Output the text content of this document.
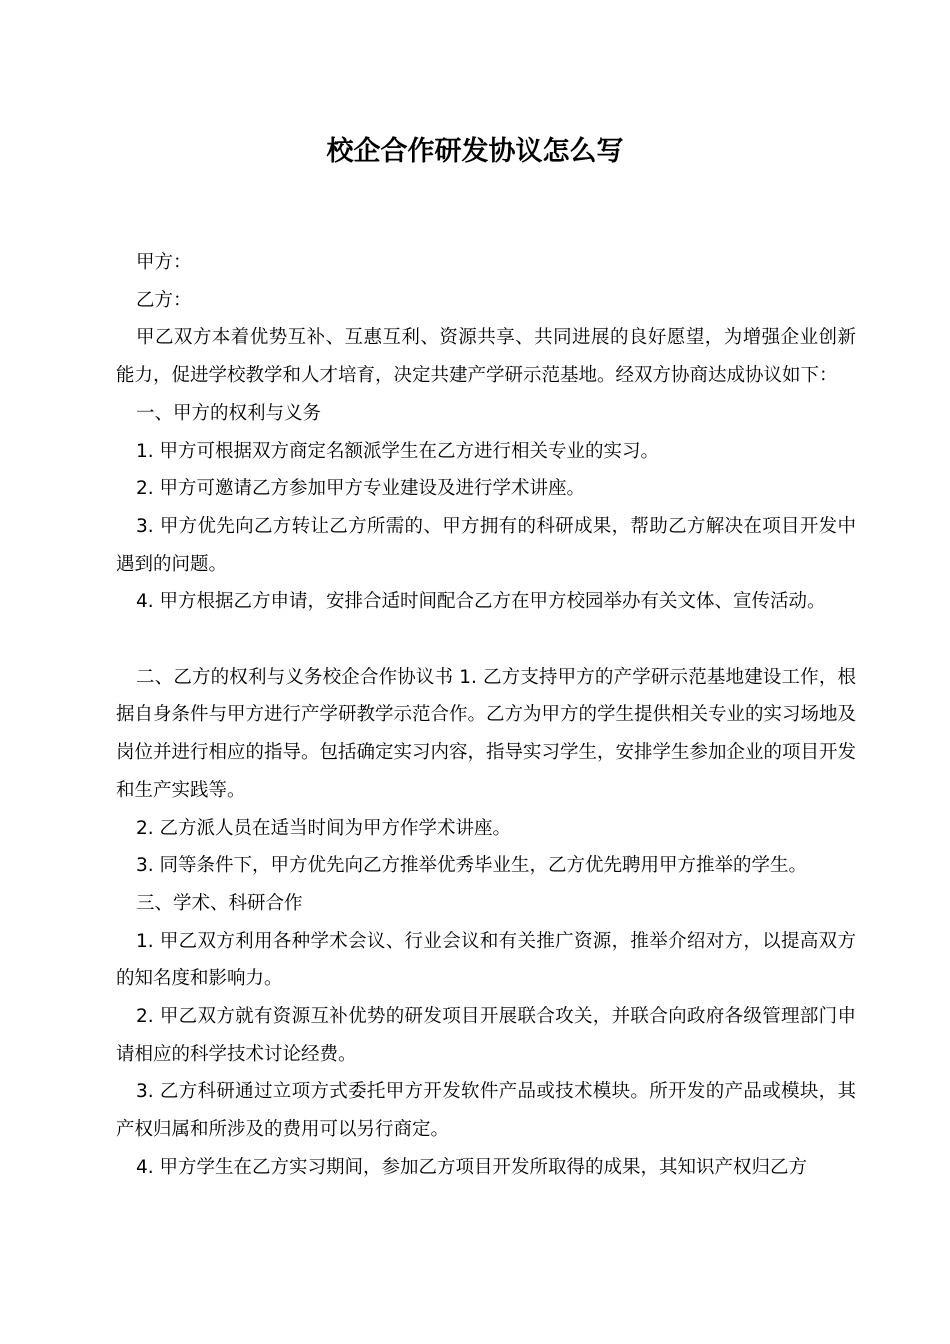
校企合作研发协议怎么写

甲方：

乙方：

甲乙双方本着优势互补、互惠互利、资源共享、共同进展的良好愿望，为增强企业创新能力，促进学校教学和人才培育，决定共建产学研示范基地。经双方协商达成协议如下：

一、甲方的权利与义务

1. 甲方可根据双方商定名额派学生在乙方进行相关专业的实习。

2. 甲方可邀请乙方参加甲方专业建设及进行学术讲座。

3. 甲方优先向乙方转让乙方所需的、甲方拥有的科研成果，帮助乙方解决在项目开发中遇到的问题。

4. 甲方根据乙方申请，安排合适时间配合乙方在甲方校园举办有关文体、宣传活动。

二、乙方的权利与义务校企合作协议书 1. 乙方支持甲方的产学研示范基地建设工作，根据自身条件与甲方进行产学研教学示范合作。乙方为甲方的学生提供相关专业的实习场地及岗位并进行相应的指导。包括确定实习内容，指导实习学生，安排学生参加企业的项目开发和生产实践等。

2. 乙方派人员在适当时间为甲方作学术讲座。

3. 同等条件下，甲方优先向乙方推举优秀毕业生，乙方优先聘用甲方推举的学生。

三、学术、科研合作

1. 甲乙双方利用各种学术会议、行业会议和有关推广资源，推举介绍对方，以提高双方的知名度和影响力。

2. 甲乙双方就有资源互补优势的研发项目开展联合攻关，并联合向政府各级管理部门申请相应的科学技术讨论经费。

3. 乙方科研通过立项方式委托甲方开发软件产品或技术模块。所开发的产品或模块，其产权归属和所涉及的费用可以另行商定。

4. 甲方学生在乙方实习期间，参加乙方项目开发所取得的成果，其知识产权归乙方
